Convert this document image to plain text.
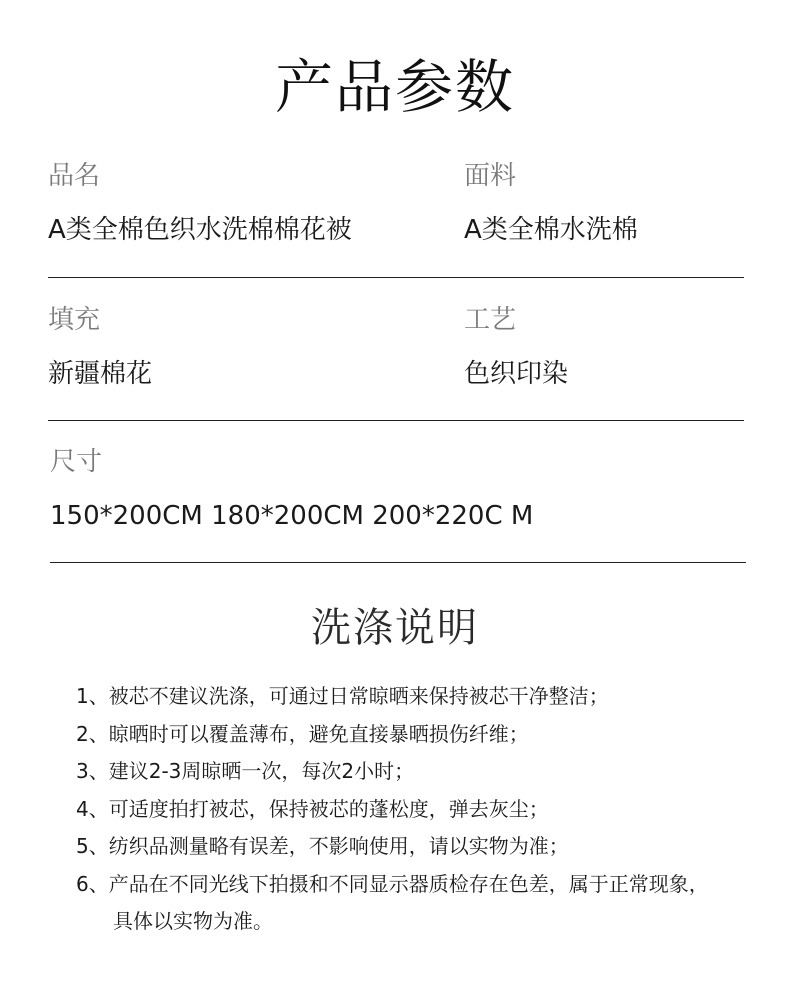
产品参数
品名
A类全棉色织水洗棉棉花被
面料
A类全棉水洗棉
填充
新疆棉花
工艺
色织印染
尺寸
150*200CM 180*200CM 200*220C M
洗涤说明
1、被芯不建议洗涤，可通过日常晾晒来保持被芯干净整洁；
2、晾晒时可以覆盖薄布，避免直接暴晒损伤纤维；
3、建议2-3周晾晒一次，每次2小时；
4、可适度拍打被芯，保持被芯的蓬松度，弹去灰尘；
5、纺织品测量略有误差，不影响使用，请以实物为准；
6、产品在不同光线下拍摄和不同显示器质检存在色差，属于正常现象，
具体以实物为准。
